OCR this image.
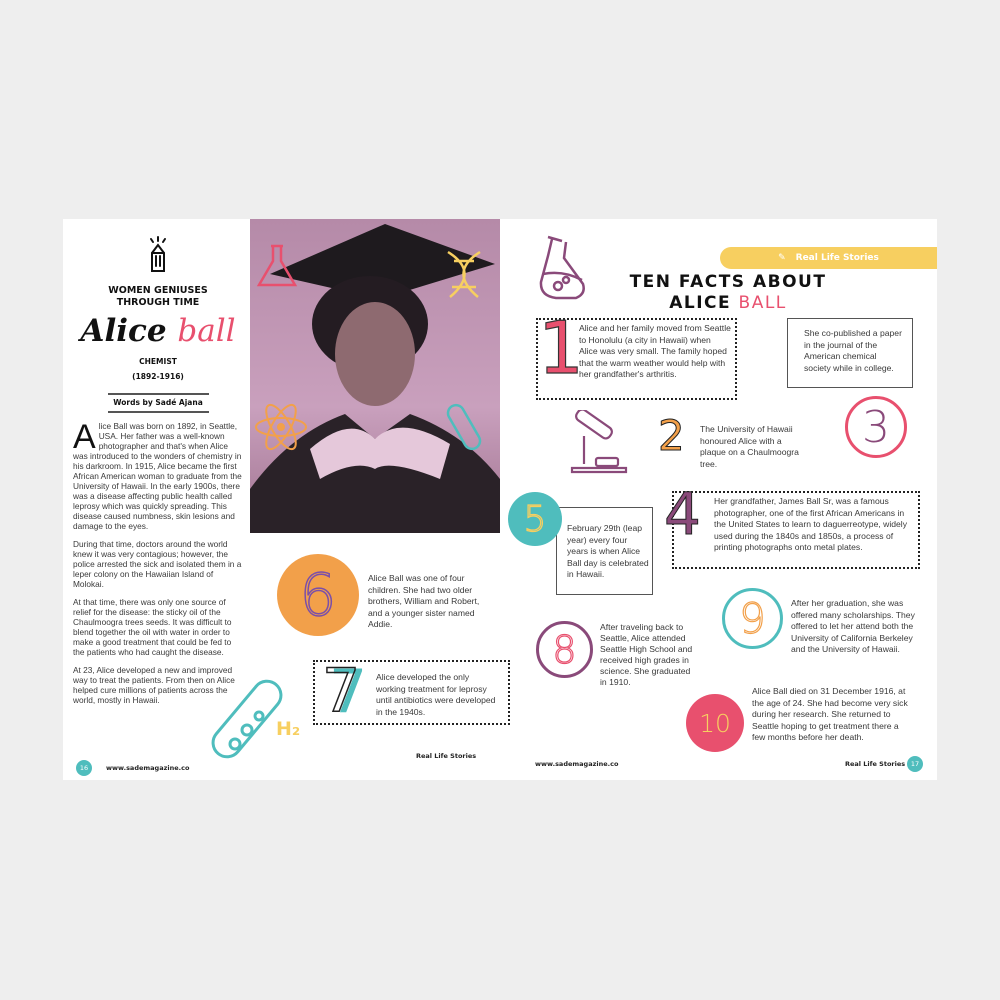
WOMEN GENIUSES
THROUGH TIME
Alice ball
CHEMIST
(1892-1916)
Words by Sadé Ajana

Alice Ball was born on 1892, in Seattle, USA. Her father was a well-known photographer and that's when Alice was introduced to the wonders of chemistry in his darkroom. In 1915, Alice became the first African American woman to graduate from the University of Hawaii. In the early 1900s, there was a disease affecting public health called leprosy which was quickly spreading. This disease caused numbness, skin lesions and damage to the eyes.

During that time, doctors around the world knew it was very contagious; however, the police arrested the sick and isolated them in a leper colony on the Hawaiian Island of Molokai.

At that time, there was only one source of relief for the disease: the sticky oil of the Chaulmoogra trees seeds. It was difficult to blend together the oil with water in order to make a good treatment that could be fed to the patients who had caught the disease.

At 23, Alice developed a new and improved way to treat the patients. From then on Alice helped cure millions of patients across the world, mostly in Hawaii.

6	Alice Ball was one of four children. She had two older brothers, William and Robert, and a younger sister named Addie.
7 Alice developed the only working treatment for leprosy until antibiotics were developed in the 1940s.
H₂
16	www.sademagazine.co
Real Life Stories
✎ Real Life Stories
TEN FACTS ABOUT
ALICE BALL
1
Alice and her family moved from Seattle to Honolulu (a city in Hawaii) when Alice was very small. The family hoped that the warm weather would help with her grandfather's arthritis.
She co-published a paper in the journal of the American chemical society while in college.
3
2 The University of Hawaii honoured Alice with a plaque on a Chaulmoogra tree.
5 February 29th (leap year) every four years is when Alice Ball day is celebrated in Hawaii.
4 Her grandfather, James Ball Sr, was a famous photographer, one of the first African Americans in the United States to learn to daguerreotype, widely used during the 1840s and 1850s, a process of printing photographs onto metal plates.
9	After her graduation, she was offered many scholarships. They offered to let her attend both the University of California Berkeley and the University of Hawaii.
8
After traveling back to Seattle, Alice attended Seattle High School and received high grades in science. She graduated in 1910.
10
Alice Ball died on 31 December 1916, at the age of 24. She had become very sick during her research. She returned to Seattle hoping to get treatment there a few months before her death.
www.sademagazine.co	Real Life Stories 17
